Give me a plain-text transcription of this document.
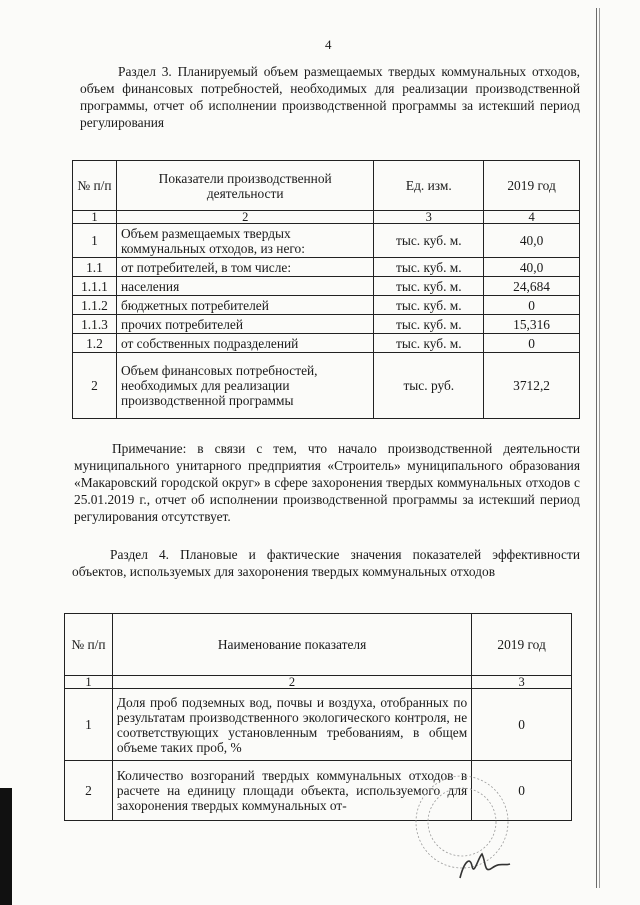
4

Раздел 3. Планируемый объем размещаемых твердых коммунальных отходов, объем финансовых потребностей, необходимых для реализации производственной программы, отчет об исполнении производственной программы за истекший период регулирования

№ п/п	Показатели производственной деятельности	Ед. изм.	2019 год
1	2	3	4
1	Объем размещаемых твердых коммунальных отходов, из него:	тыс. куб. м.	40,0
1.1	от потребителей, в том числе:	тыс. куб. м.	40,0
1.1.1	населения	тыс. куб. м.	24,684
1.1.2	бюджетных потребителей	тыс. куб. м.	0
1.1.3	прочих потребителей	тыс. куб. м.	15,316
1.2	от собственных подразделений	тыс. куб. м.	0
2	Объем финансовых потребностей, необходимых для реализации производственной программы	тыс. руб.	3712,2

Примечание: в связи с тем, что начало производственной деятельности муниципального унитарного предприятия «Строитель» муниципального образования «Макаровский городской округ» в сфере захоронения твердых коммунальных отходов с 25.01.2019 г., отчет об исполнении производственной программы за истекший период регулирования отсутствует.

Раздел 4. Плановые и фактические значения показателей эффективности объектов, используемых для захоронения твердых коммунальных отходов

№ п/п	Наименование показателя	2019 год
1	2	3
1	Доля проб подземных вод, почвы и воздуха, отобранных по результатам производственного экологического контроля, не соответствующих установленным требованиям, в общем объеме таких проб, %	0
2	Количество возгораний твердых коммунальных отходов в расчете на единицу площади объекта, используемого для захоронения твердых коммунальных от-	0
